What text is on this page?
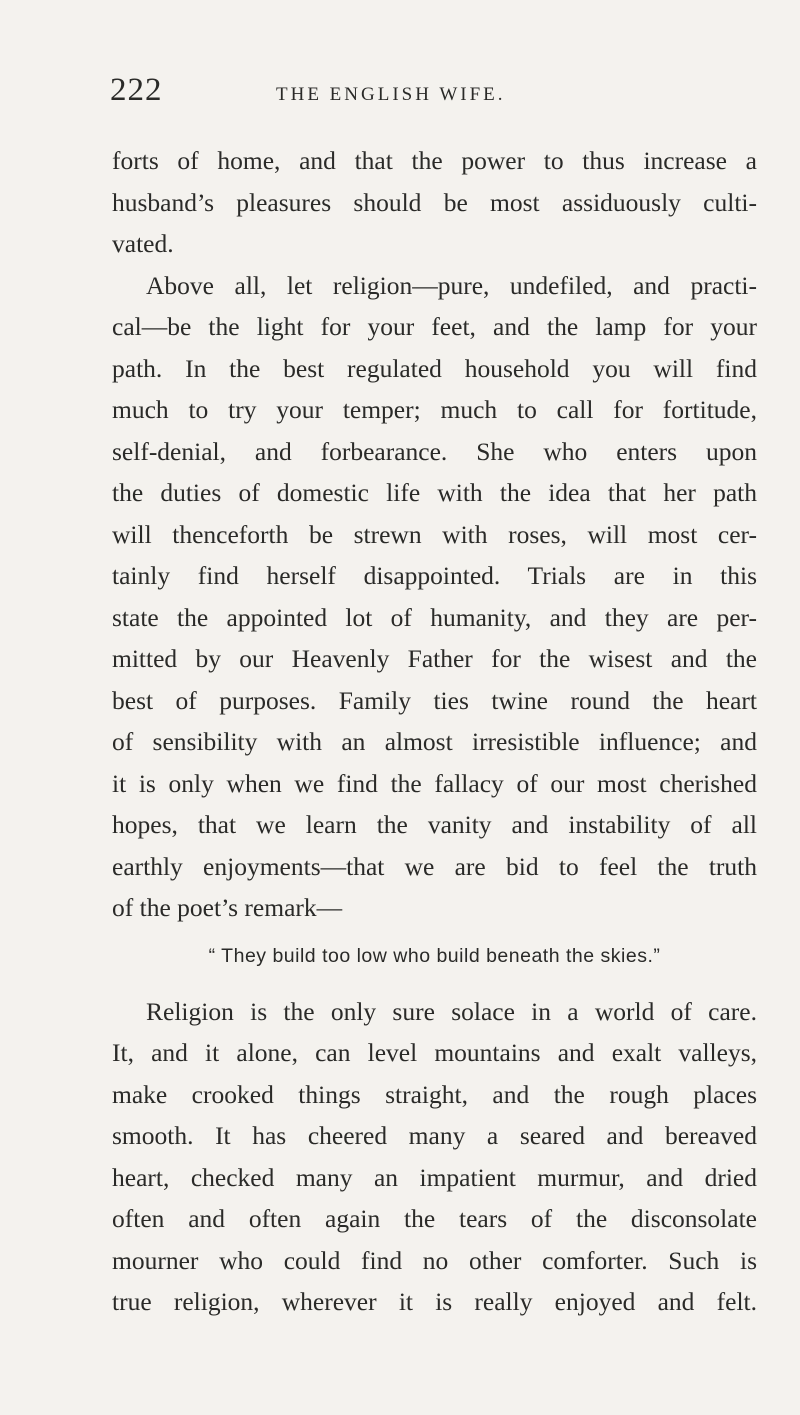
222	THE ENGLISH WIFE.
forts of home, and that the power to thus increase a
husband’s pleasures should be most assiduously culti-
vated.
Above all, let religion—pure, undefiled, and practi-
cal—be the light for your feet, and the lamp for your
path. In the best regulated household you will find
much to try your temper; much to call for fortitude,
self-denial, and forbearance. She who enters upon
the duties of domestic life with the idea that her path
will thenceforth be strewn with roses, will most cer-
tainly find herself disappointed. Trials are in this
state the appointed lot of humanity, and they are per-
mitted by our Heavenly Father for the wisest and the
best of purposes. Family ties twine round the heart
of sensibility with an almost irresistible influence; and
it is only when we find the fallacy of our most cherished
hopes, that we learn the vanity and instability of all
earthly enjoyments—that we are bid to feel the truth
of the poet’s remark—
“ They build too low who build beneath the skies.”
Religion is the only sure solace in a world of care.
It, and it alone, can level mountains and exalt valleys,
make crooked things straight, and the rough places
smooth. It has cheered many a seared and bereaved
heart, checked many an impatient murmur, and dried
often and often again the tears of the disconsolate
mourner who could find no other comforter. Such is
true religion, wherever it is really enjoyed and felt.
